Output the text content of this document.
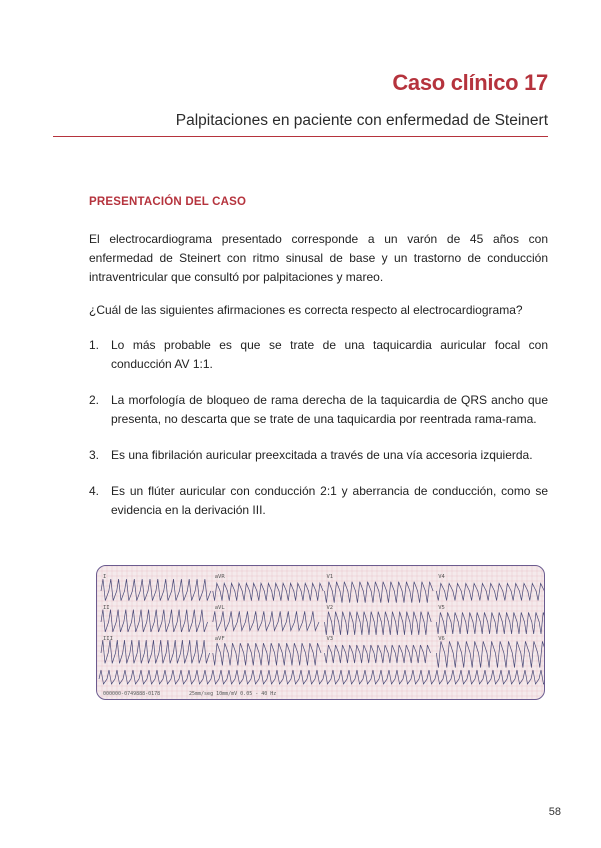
Caso clínico 17

Palpitaciones en paciente con enfermedad de Steinert

PRESENTACIÓN DEL CASO

El electrocardiograma presentado corresponde a un varón de 45 años con enfermedad de Steinert con ritmo sinusal de base y un trastorno de conducción intraventricular que consultó por palpitaciones y mareo.

¿Cuál de las siguientes afirmaciones es correcta respecto al electrocardiograma?

1. Lo más probable es que se trate de una taquicardia auricular focal con conducción AV 1:1.
2. La morfología de bloqueo de rama derecha de la taquicardia de QRS ancho que presenta, no descarta que se trate de una taquicardia por reentrada rama-rama.
3. Es una fibrilación auricular preexcitada a través de una vía accesoria izquierda.
4. Es un flúter auricular con conducción 2:1 y aberrancia de conducción, como se evidencia en la derivación III.
I	aVR	V1	V4
II	aVL	V2	V5
III	aVF	V3	V6
000000-0749888-0178	25mm/seg 10mm/mV 0.05 - 40 Hz

58
